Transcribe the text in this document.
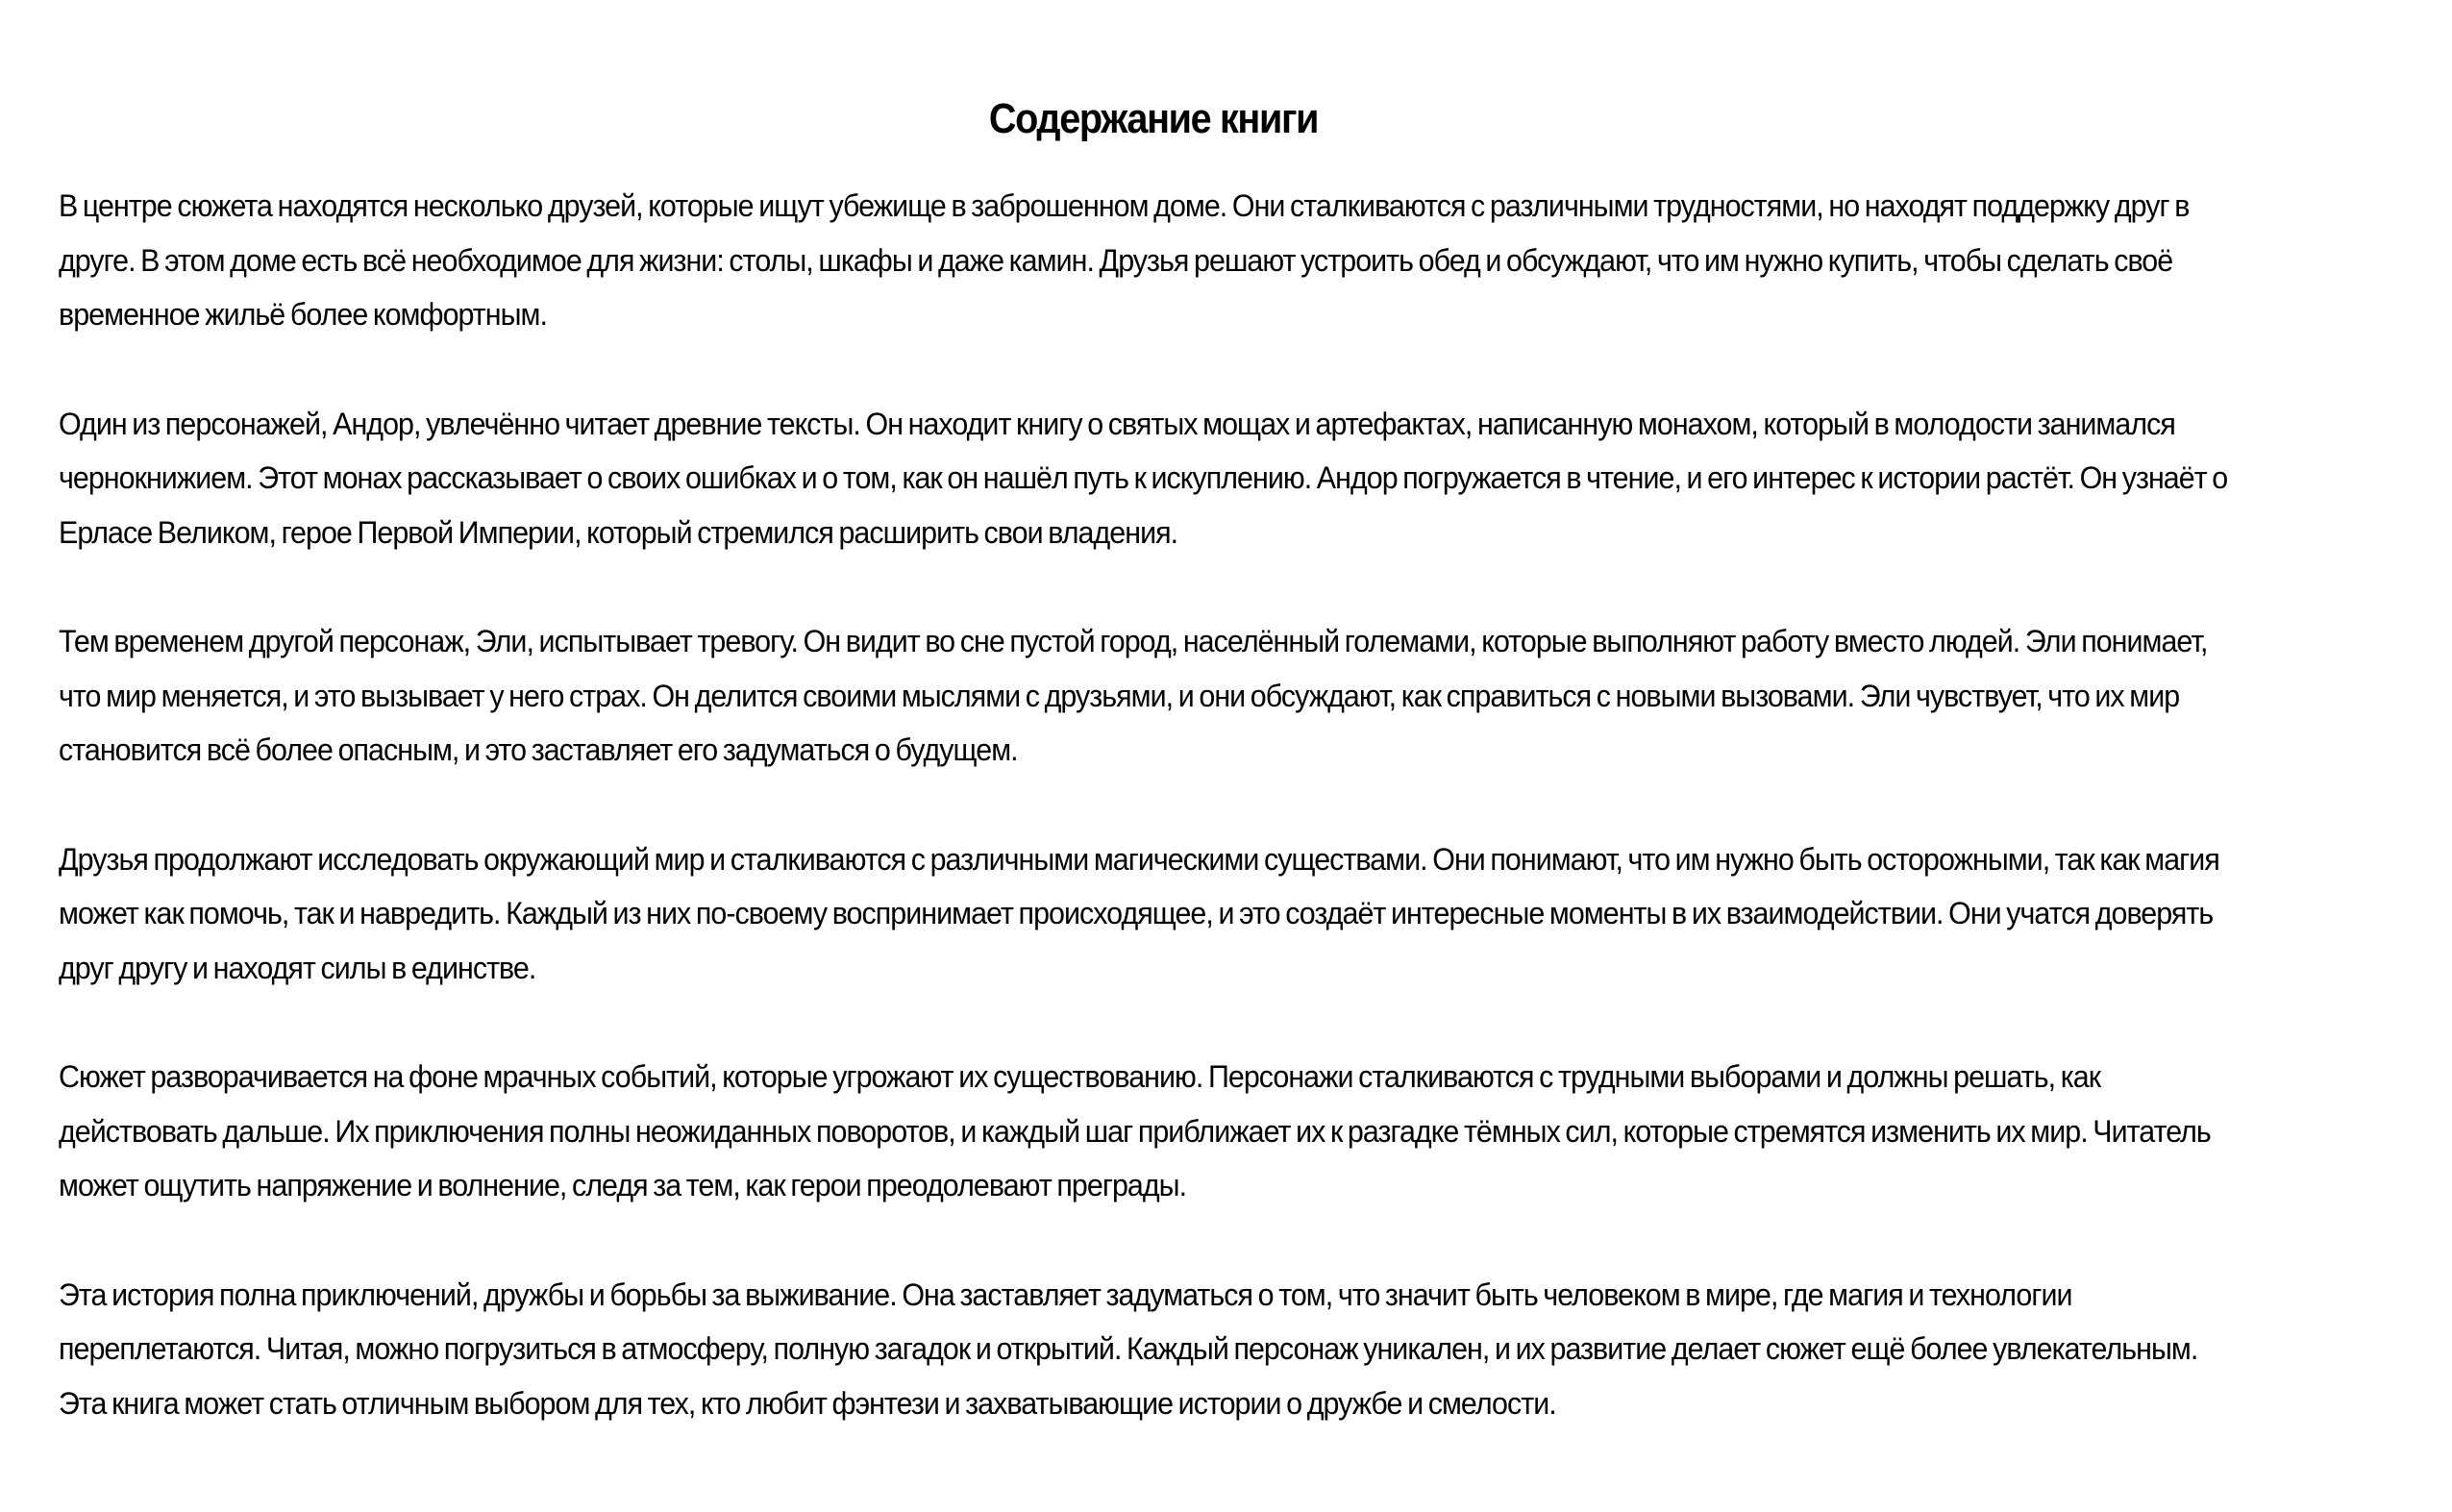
Содержание книги

В центре сюжета находятся несколько друзей, которые ищут убежище в заброшенном доме. Они сталкиваются с различными трудностями, но находят поддержку друг в друге. В этом доме есть всё необходимое для жизни: столы, шкафы и даже камин. Друзья решают устроить обед и обсуждают, что им нужно купить, чтобы сделать своё временное жильё более комфортным.

Один из персонажей, Андор, увлечённо читает древние тексты. Он находит книгу о святых мощах и артефактах, написанную монахом, который в молодости занимался чернокнижием. Этот монах рассказывает о своих ошибках и о том, как он нашёл путь к искуплению. Андор погружается в чтение, и его интерес к истории растёт. Он узнаёт о Ерласе Великом, герое Первой Империи, который стремился расширить свои владения.

Тем временем другой персонаж, Эли, испытывает тревогу. Он видит во сне пустой город, населённый големами, которые выполняют работу вместо людей. Эли понимает, что мир меняется, и это вызывает у него страх. Он делится своими мыслями с друзьями, и они обсуждают, как справиться с новыми вызовами. Эли чувствует, что их мир становится всё более опасным, и это заставляет его задуматься о будущем.

Друзья продолжают исследовать окружающий мир и сталкиваются с различными магическими существами. Они понимают, что им нужно быть осторожными, так как магия может как помочь, так и навредить. Каждый из них по-своему воспринимает происходящее, и это создаёт интересные моменты в их взаимодействии. Они учатся доверять друг другу и находят силы в единстве.

Сюжет разворачивается на фоне мрачных событий, которые угрожают их существованию. Персонажи сталкиваются с трудными выборами и должны решать, как действовать дальше. Их приключения полны неожиданных поворотов, и каждый шаг приближает их к разгадке тёмных сил, которые стремятся изменить их мир. Читатель может ощутить напряжение и волнение, следя за тем, как герои преодолевают преграды.

Эта история полна приключений, дружбы и борьбы за выживание. Она заставляет задуматься о том, что значит быть человеком в мире, где магия и технологии переплетаются. Читая, можно погрузиться в атмосферу, полную загадок и открытий. Каждый персонаж уникален, и их развитие делает сюжет ещё более увлекательным. Эта книга может стать отличным выбором для тех, кто любит фэнтези и захватывающие истории о дружбе и смелости.
